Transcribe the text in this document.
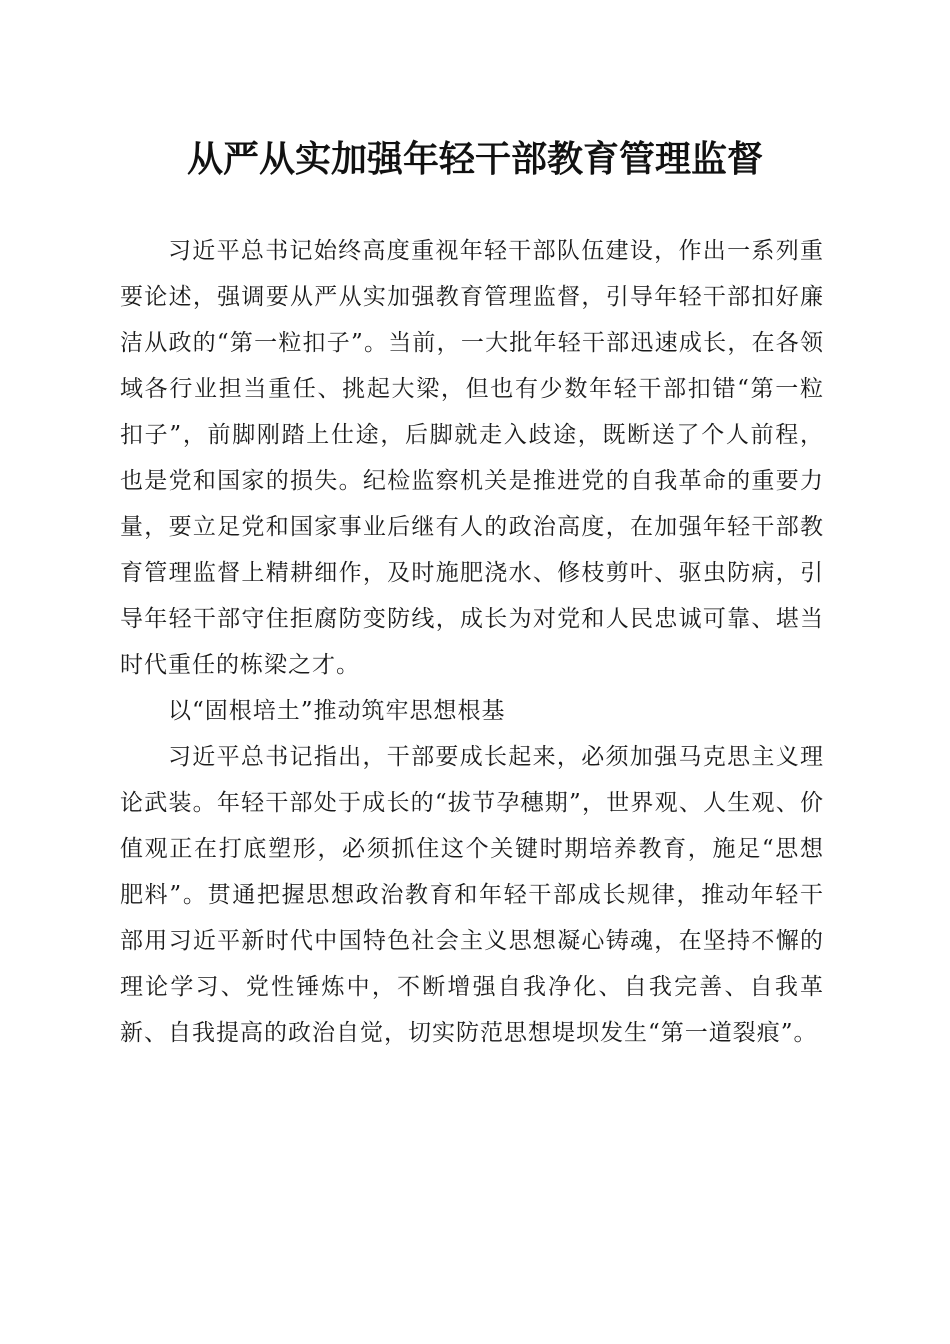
从严从实加强年轻干部教育管理监督

习近平总书记始终高度重视年轻干部队伍建设，作出一系列重要论述，强调要从严从实加强教育管理监督，引导年轻干部扣好廉洁从政的“第一粒扣子”。当前，一大批年轻干部迅速成长，在各领域各行业担当重任、挑起大梁，但也有少数年轻干部扣错“第一粒扣子”，前脚刚踏上仕途，后脚就走入歧途，既断送了个人前程，也是党和国家的损失。纪检监察机关是推进党的自我革命的重要力量，要立足党和国家事业后继有人的政治高度，在加强年轻干部教育管理监督上精耕细作，及时施肥浇水、修枝剪叶、驱虫防病，引导年轻干部守住拒腐防变防线，成长为对党和人民忠诚可靠、堪当时代重任的栋梁之才。

以“固根培土”推动筑牢思想根基

习近平总书记指出，干部要成长起来，必须加强马克思主义理论武装。年轻干部处于成长的“拔节孕穗期”，世界观、人生观、价值观正在打底塑形，必须抓住这个关键时期培养教育，施足“思想肥料”。贯通把握思想政治教育和年轻干部成长规律，推动年轻干部用习近平新时代中国特色社会主义思想凝心铸魂，在坚持不懈的理论学习、党性锤炼中，不断增强自我净化、自我完善、自我革新、自我提高的政治自觉，切实防范思想堤坝发生“第一道裂痕”。
